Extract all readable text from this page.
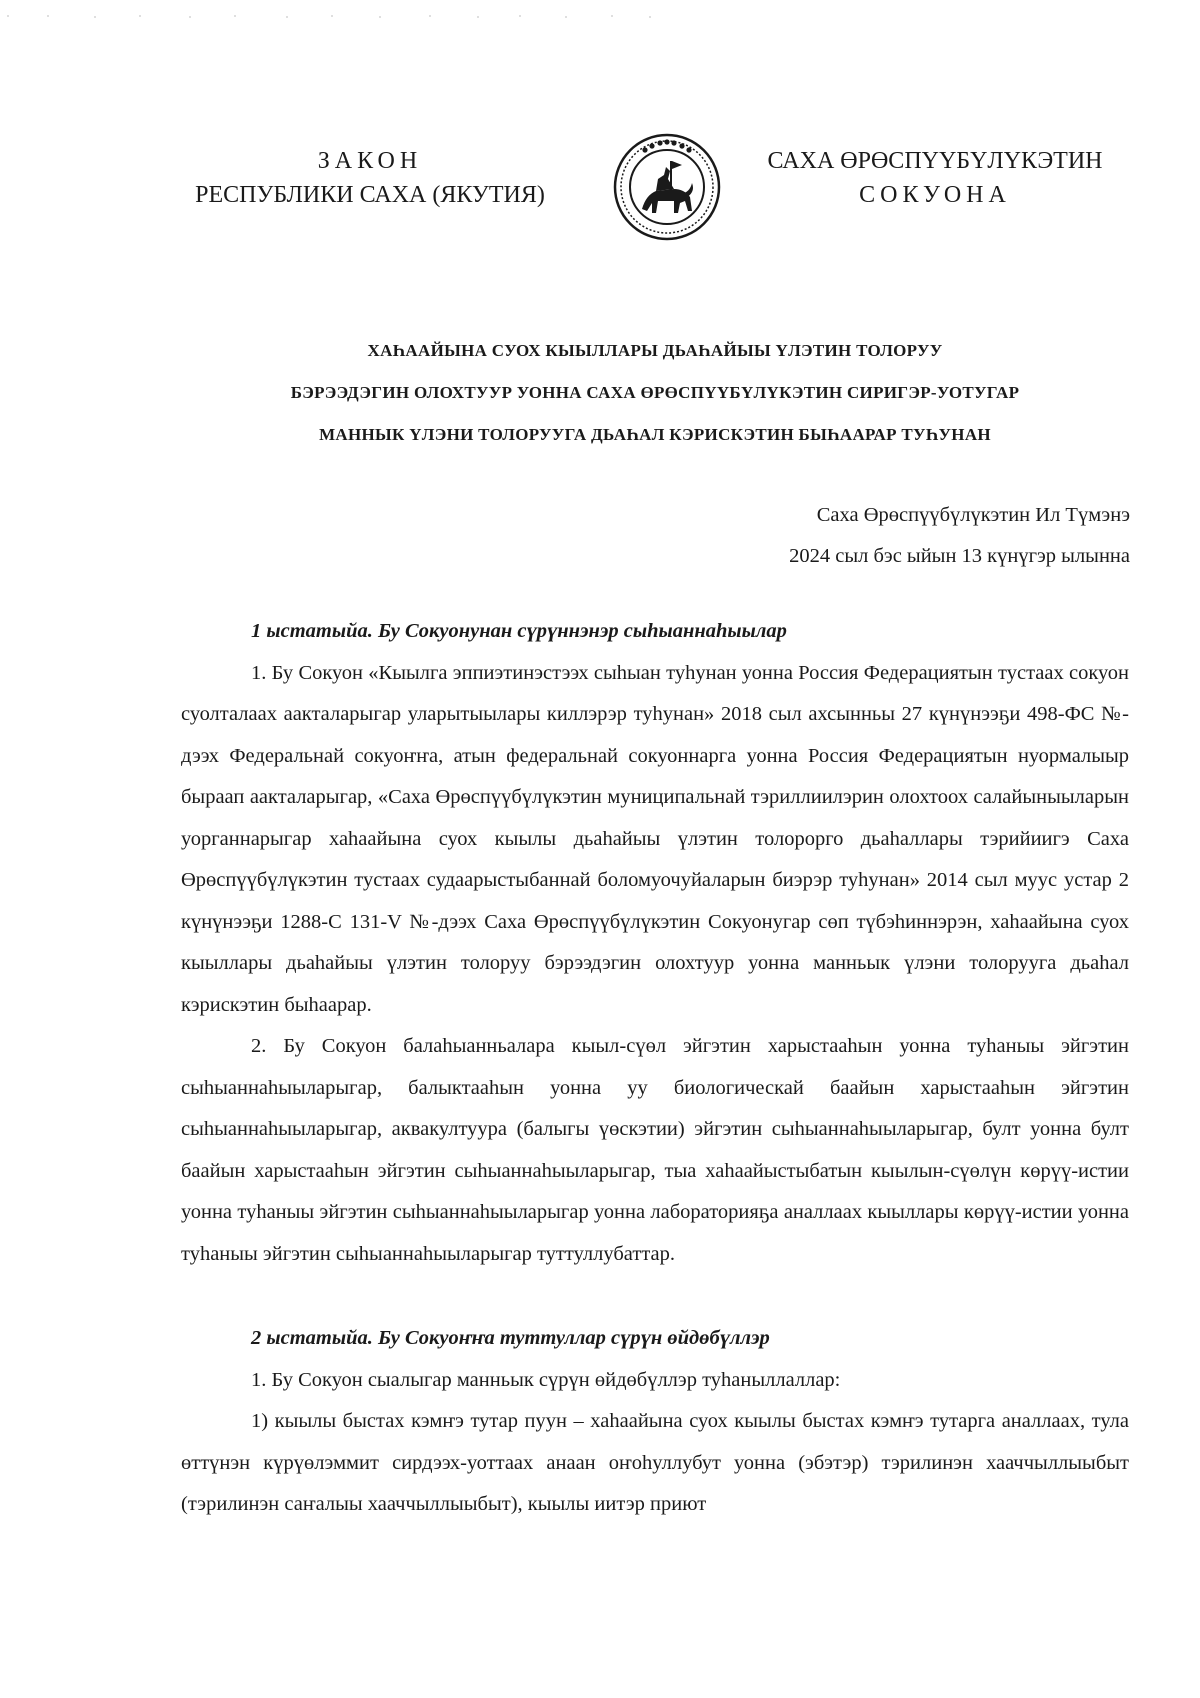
ЗАКОН
РЕСПУБЛИКИ САХА (ЯКУТИЯ)
САХА ӨРӨСПҮҮБҮЛҮКЭТИН
СОКУОНА
ХАҺААЙЫНА СУОХ КЫЫЛЛАРЫ ДЬАҺАЙЫЫ ҮЛЭТИН ТОЛОРУУ
БЭРЭЭДЭГИН ОЛОХТУУР УОННА САХА ӨРӨСПҮҮБҮЛҮКЭТИН СИРИГЭР-УОТУГАР
МАННЫК ҮЛЭНИ ТОЛОРУУГА ДЬАҺАЛ КЭРИСКЭТИН БЫҺААРАР ТУҺУНАН
Саха Өрөспүүбүлүкэтин Ил Түмэнэ
2024 сыл бэс ыйын 13 күнүгэр ылынна

1 ыстатыйа. Бу Сокуонунан сүрүннэнэр сыһыаннаһыылар

1. Бу Сокуон «Кыылга эппиэтинэстээх сыһыан туһунан уонна Россия Федерациятын тустаах сокуон суолталаах аакталарыгар уларытыылары киллэрэр туһунан» 2018 сыл ахсынньы 27 күнүнээҕи 498-ФС №-дээх Федеральнай сокуоҥҥа, атын федеральнай сокуоннарга уонна Россия Федерациятын нуормалыыр быраап аакталарыгар, «Саха Өрөспүүбүлүкэтин муниципальнай тэриллиилэрин олохтоох салайыныыларын уорганнарыгар хаһаайына суох кыылы дьаһайыы үлэтин толорорго дьаһаллары тэрийиигэ Саха Өрөспүүбүлүкэтин тустаах судаарыстыбаннай боломуочуйаларын биэрэр туһунан» 2014 сыл муус устар 2 күнүнээҕи 1288-С 131-V №-дээх Саха Өрөспүүбүлүкэтин Сокуонугар сөп түбэһиннэрэн, хаһаайына суох кыыллары дьаһайыы үлэтин толоруу бэрээдэгин олохтуур уонна манньык үлэни толорууга дьаһал кэрискэтин быһаарар.

2. Бу Сокуон балаһыанньалара кыыл-сүөл эйгэтин харыстааһын уонна туһаныы эйгэтин сыһыаннаһыыларыгар, балыктааһын уонна уу биологическай баайын харыстааһын эйгэтин сыһыаннаһыыларыгар, аквакултуура (балыгы үөскэтии) эйгэтин сыһыаннаһыыларыгар, булт уонна булт баайын харыстааһын эйгэтин сыһыаннаһыыларыгар, тыа хаһаайыстыбатын кыылын-сүөлүн көрүү-истии уонна туһаныы эйгэтин сыһыаннаһыыларыгар уонна лабораторияҕа аналлаах кыыллары көрүү-истии уонна туһаныы эйгэтин сыһыаннаһыыларыгар туттуллубаттар.

2 ыстатыйа. Бу Сокуоҥҥа туттуллар сүрүн өйдөбүллэр

1. Бу Сокуон сыалыгар манньык сүрүн өйдөбүллэр туһаныллаллар:

1) кыылы быстах кэмҥэ тутар пуун – хаһаайына суох кыылы быстах кэмҥэ тутарга аналлаах, тула өттүнэн күрүөлэммит сирдээх-уоттаах анаан оҥоһуллубут уонна (эбэтэр) тэрилинэн хааччыллыыбыт (тэрилинэн саҥалыы хааччыллыыбыт), кыылы иитэр приют
